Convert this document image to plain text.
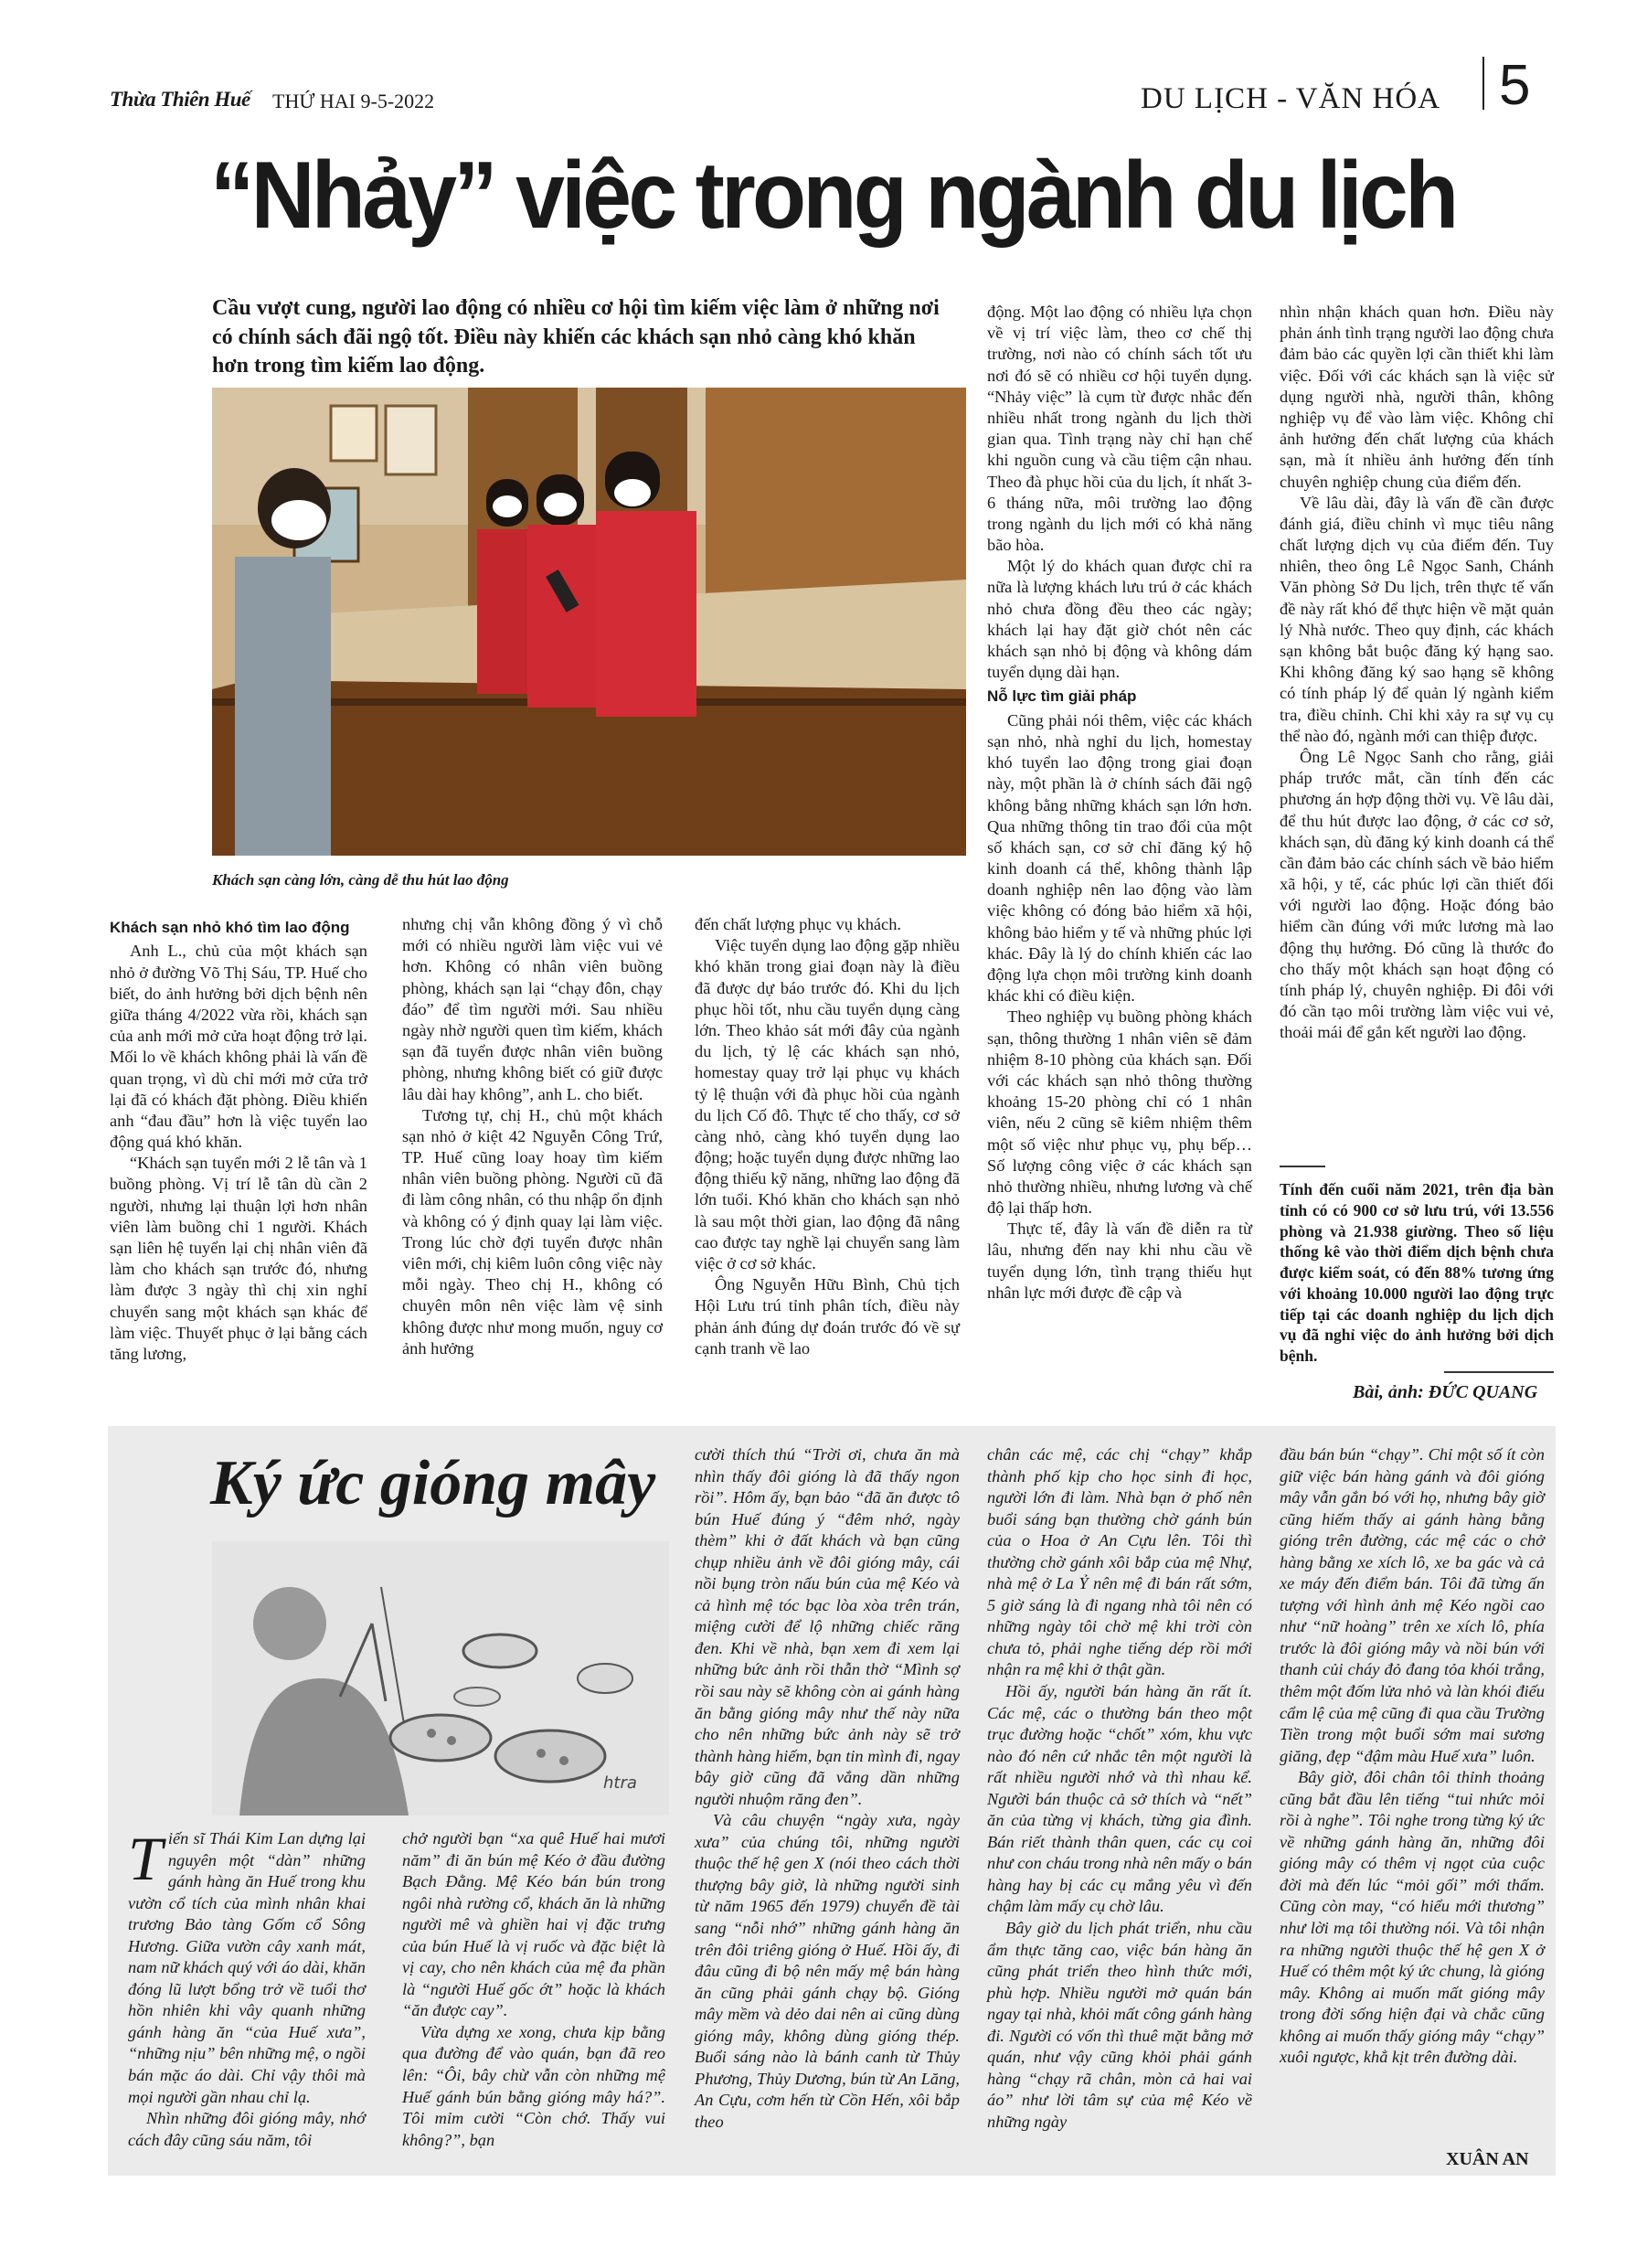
Thừa Thiên Huế THỨ HAI 9-5-2022	DU LỊCH - VĂN HÓA 5
“Nhảy” việc trong ngành du lịch
Cầu vượt cung, người lao động có nhiều cơ hội tìm kiếm việc làm ở những nơi có chính sách đãi ngộ tốt. Điều này khiến các khách sạn nhỏ càng khó khăn hơn trong tìm kiếm lao động.
Khách sạn càng lớn, càng dễ thu hút lao động
Khách sạn nhỏ khó tìm lao động

Anh L., chủ của một khách sạn nhỏ ở đường Võ Thị Sáu, TP. Huế cho biết, do ảnh hưởng bởi dịch bệnh nên giữa tháng 4/2022 vừa rồi, khách sạn của anh mới mở cửa hoạt động trở lại. Mối lo về khách không phải là vấn đề quan trọng, vì dù chỉ mới mở cửa trở lại đã có khách đặt phòng. Điều khiến anh “đau đầu” hơn là việc tuyển lao động quá khó khăn.

“Khách sạn tuyển mới 2 lễ tân và 1 buồng phòng. Vị trí lễ tân dù cần 2 người, nhưng lại thuận lợi hơn nhân viên làm buồng chỉ 1 người. Khách sạn liên hệ tuyển lại chị nhân viên đã làm cho khách sạn trước đó, nhưng làm được 3 ngày thì chị xin nghỉ chuyển sang một khách sạn khác để làm việc. Thuyết phục ở lại bằng cách tăng lương,

nhưng chị vẫn không đồng ý vì chỗ mới có nhiều người làm việc vui vẻ hơn. Không có nhân viên buồng phòng, khách sạn lại “chạy đôn, chạy đáo” để tìm người mới. Sau nhiều ngày nhờ người quen tìm kiếm, khách sạn đã tuyển được nhân viên buồng phòng, nhưng không biết có giữ được lâu dài hay không”, anh L. cho biết.

Tương tự, chị H., chủ một khách sạn nhỏ ở kiệt 42 Nguyễn Công Trứ, TP. Huế cũng loay hoay tìm kiếm nhân viên buồng phòng. Người cũ đã đi làm công nhân, có thu nhập ổn định và không có ý định quay lại làm việc. Trong lúc chờ đợi tuyển được nhân viên mới, chị kiêm luôn công việc này mỗi ngày. Theo chị H., không có chuyên môn nên việc làm vệ sinh không được như mong muốn, nguy cơ ảnh hưởng

đến chất lượng phục vụ khách.

Việc tuyển dụng lao động gặp nhiều khó khăn trong giai đoạn này là điều đã được dự báo trước đó. Khi du lịch phục hồi tốt, nhu cầu tuyển dụng càng lớn. Theo khảo sát mới đây của ngành du lịch, tỷ lệ các khách sạn nhỏ, homestay quay trở lại phục vụ khách tỷ lệ thuận với đà phục hồi của ngành du lịch Cố đô. Thực tế cho thấy, cơ sở càng nhỏ, càng khó tuyển dụng lao động; hoặc tuyển dụng được những lao động thiếu kỹ năng, những lao động đã lớn tuổi. Khó khăn cho khách sạn nhỏ là sau một thời gian, lao động đã nâng cao được tay nghề lại chuyển sang làm việc ở cơ sở khác.

Ông Nguyễn Hữu Bình, Chủ tịch Hội Lưu trú tỉnh phân tích, điều này phản ánh đúng dự đoán trước đó về sự cạnh tranh về lao

động. Một lao động có nhiều lựa chọn về vị trí việc làm, theo cơ chế thị trường, nơi nào có chính sách tốt ưu nơi đó sẽ có nhiều cơ hội tuyển dụng. “Nhảy việc” là cụm từ được nhắc đến nhiều nhất trong ngành du lịch thời gian qua. Tình trạng này chỉ hạn chế khi nguồn cung và cầu tiệm cận nhau. Theo đà phục hồi của du lịch, ít nhất 3-6 tháng nữa, môi trường lao động trong ngành du lịch mới có khả năng bão hòa.

Một lý do khách quan được chỉ ra nữa là lượng khách lưu trú ở các khách nhỏ chưa đồng đều theo các ngày; khách lại hay đặt giờ chót nên các khách sạn nhỏ bị động và không dám tuyển dụng dài hạn.

Nỗ lực tìm giải pháp

Cũng phải nói thêm, việc các khách sạn nhỏ, nhà nghỉ du lịch, homestay khó tuyển lao động trong giai đoạn này, một phần là ở chính sách đãi ngộ không bằng những khách sạn lớn hơn. Qua những thông tin trao đổi của một số khách sạn, cơ sở chỉ đăng ký hộ kinh doanh cá thể, không thành lập doanh nghiệp nên lao động vào làm việc không có đóng bảo hiểm xã hội, không bảo hiểm y tế và những phúc lợi khác. Đây là lý do chính khiến các lao động lựa chọn môi trường kinh doanh khác khi có điều kiện.

Theo nghiệp vụ buồng phòng khách sạn, thông thường 1 nhân viên sẽ đảm nhiệm 8-10 phòng của khách sạn. Đối với các khách sạn nhỏ thông thường khoảng 15-20 phòng chỉ có 1 nhân viên, nếu 2 cũng sẽ kiêm nhiệm thêm một số việc như phục vụ, phụ bếp… Số lượng công việc ở các khách sạn nhỏ thường nhiều, nhưng lương và chế độ lại thấp hơn.

Thực tế, đây là vấn đề diễn ra từ lâu, nhưng đến nay khi nhu cầu về tuyển dụng lớn, tình trạng thiếu hụt nhân lực mới được đề cập và

nhìn nhận khách quan hơn. Điều này phản ánh tình trạng người lao động chưa đảm bảo các quyền lợi cần thiết khi làm việc. Đối với các khách sạn là việc sử dụng người nhà, người thân, không nghiệp vụ để vào làm việc. Không chỉ ảnh hưởng đến chất lượng của khách sạn, mà ít nhiều ảnh hưởng đến tính chuyên nghiệp chung của điểm đến.

Về lâu dài, đây là vấn đề cần được đánh giá, điều chỉnh vì mục tiêu nâng chất lượng dịch vụ của điểm đến. Tuy nhiên, theo ông Lê Ngọc Sanh, Chánh Văn phòng Sở Du lịch, trên thực tế vấn đề này rất khó để thực hiện về mặt quản lý Nhà nước. Theo quy định, các khách sạn không bắt buộc đăng ký hạng sao. Khi không đăng ký sao hạng sẽ không có tính pháp lý để quản lý ngành kiểm tra, điều chỉnh. Chỉ khi xảy ra sự vụ cụ thể nào đó, ngành mới can thiệp được.

Ông Lê Ngọc Sanh cho rằng, giải pháp trước mắt, cần tính đến các phương án hợp động thời vụ. Về lâu dài, để thu hút được lao động, ở các cơ sở, khách sạn, dù đăng ký kinh doanh cá thể cần đảm bảo các chính sách về bảo hiểm xã hội, y tế, các phúc lợi cần thiết đối với người lao động. Hoặc đóng bảo hiểm cần đúng với mức lương mà lao động thụ hưởng. Đó cũng là thước đo cho thấy một khách sạn hoạt động có tính pháp lý, chuyên nghiệp. Đi đôi với đó cần tạo môi trường làm việc vui vẻ, thoải mái để gắn kết người lao động.

Tính đến cuối năm 2021, trên địa bàn tỉnh có có 900 cơ sở lưu trú, với 13.556 phòng và 21.938 giường. Theo số liệu thống kê vào thời điểm dịch bệnh chưa được kiểm soát, có đến 88% tương ứng với khoảng 10.000 người lao động trực tiếp tại các doanh nghiệp du lịch dịch vụ đã nghỉ việc do ảnh hưởng bởi dịch bệnh.
Bài, ảnh: ĐỨC QUANG
Ký ức gióng mây
htra

Tiến sĩ Thái Kim Lan dựng lại nguyên một “dàn” những gánh hàng ăn Huế trong khu vườn cổ tích của mình nhân khai trương Bảo tàng Gốm cổ Sông Hương. Giữa vườn cây xanh mát, nam nữ khách quý với áo dài, khăn đóng lũ lượt bổng trở về tuổi thơ hồn nhiên khi vây quanh những gánh hàng ăn “của Huế xưa”, “những nịu” bên những mệ, o ngồi bán mặc áo dài. Chỉ vậy thôi mà mọi người gần nhau chỉ lạ.

Nhìn những đôi gióng mây, nhớ cách đây cũng sáu năm, tôi

chở người bạn “xa quê Huế hai mươi năm” đi ăn bún mệ Kéo ở đầu đường Bạch Đằng. Mệ Kéo bán bún trong ngôi nhà rường cổ, khách ăn là những người mê và ghiền hai vị đặc trưng của bún Huế là vị ruốc và đặc biệt là vị cay, cho nên khách của mệ đa phần là “người Huế gốc ớt” hoặc là khách “ăn được cay”.

Vừa dựng xe xong, chưa kịp bằng qua đường để vào quán, bạn đã reo lên: “Ôi, bây chừ vẫn còn những mệ Huế gánh bún bằng gióng mây há?”. Tôi mỉm cười “Còn chớ. Thấy vui không?”, bạn

cười thích thú “Trời ơi, chưa ăn mà nhìn thấy đôi gióng là đã thấy ngon rồi”. Hôm ấy, bạn bảo “đã ăn được tô bún Huế đúng ý “đêm nhớ, ngày thèm” khi ở đất khách và bạn cũng chụp nhiều ảnh về đôi gióng mây, cái nồi bụng tròn nấu bún của mệ Kéo và cả hình mệ tóc bạc lòa xòa trên trán, miệng cười để lộ những chiếc răng đen. Khi về nhà, bạn xem đi xem lại những bức ảnh rồi thẫn thờ “Mình sợ rồi sau này sẽ không còn ai gánh hàng ăn bằng gióng mây như thế này nữa cho nên những bức ảnh này sẽ trở thành hàng hiếm, bạn tin mình đi, ngay bây giờ cũng đã vắng dần những người nhuộm răng đen”.

Và câu chuyện “ngày xưa, ngày xưa” của chúng tôi, những người thuộc thế hệ gen X (nói theo cách thời thượng bây giờ, là những người sinh từ năm 1965 đến 1979) chuyển đề tài sang “nỗi nhớ” những gánh hàng ăn trên đôi triêng gióng ở Huế. Hồi ấy, đi đâu cũng đi bộ nên mấy mệ bán hàng ăn cũng phải gánh chạy bộ. Gióng mây mềm và dẻo dai nên ai cũng dùng gióng mây, không dùng gióng thép. Buổi sáng nào là bánh canh từ Thủy Phương, Thủy Dương, bún từ An Lăng, An Cựu, cơm hến từ Cồn Hến, xôi bắp theo

chân các mệ, các chị “chạy” khắp thành phố kịp cho học sinh đi học, người lớn đi làm. Nhà bạn ở phố nên buổi sáng bạn thường chờ gánh bún của o Hoa ở An Cựu lên. Tôi thì thường chờ gánh xôi bắp của mệ Nhự, nhà mệ ở La Ỷ nên mệ đi bán rất sớm, 5 giờ sáng là đi ngang nhà tôi nên có những ngày tôi chờ mệ khi trời còn chưa tỏ, phải nghe tiếng dép rồi mới nhận ra mệ khi ở thật gần.

Hồi ấy, người bán hàng ăn rất ít. Các mệ, các o thường bán theo một trục đường hoặc “chốt” xóm, khu vực nào đó nên cứ nhắc tên một người là rất nhiều người nhớ và thì nhau kể. Người bán thuộc cả sở thích và “nết” ăn của từng vị khách, từng gia đình. Bán riết thành thân quen, các cụ coi như con cháu trong nhà nên mấy o bán hàng hay bị các cụ mắng yêu vì đến chậm làm mấy cụ chờ lâu.

Bây giờ du lịch phát triển, nhu cầu ẩm thực tăng cao, việc bán hàng ăn cũng phát triển theo hình thức mới, phù hợp. Nhiều người mở quán bán ngay tại nhà, khỏi mất công gánh hàng đi. Người có vốn thì thuê mặt bằng mở quán, như vậy cũng khỏi phải gánh hàng “chạy rã chân, mòn cả hai vai áo” như lời tâm sự của mệ Kéo về những ngày

đầu bán bún “chạy”. Chỉ một số ít còn giữ việc bán hàng gánh và đôi gióng mây vẫn gắn bó với họ, nhưng bây giờ cũng hiếm thấy ai gánh hàng bằng gióng trên đường, các mệ các o chở hàng bằng xe xích lô, xe ba gác và cả xe máy đến điểm bán. Tôi đã từng ấn tượng với hình ảnh mệ Kéo ngồi cao như “nữ hoàng” trên xe xích lô, phía trước là đôi gióng mây và nồi bún với thanh củi cháy đỏ đang tỏa khói trắng, thêm một đốm lửa nhỏ và làn khói điếu cẩm lệ của mệ cũng đi qua cầu Trường Tiền trong một buổi sớm mai sương giăng, đẹp “đậm màu Huế xưa” luôn.

Bây giờ, đôi chân tôi thỉnh thoảng cũng bắt đầu lên tiếng “tui nhức mỏi rồi à nghe”. Tôi nghe trong từng ký ức về những gánh hàng ăn, những đôi gióng mây có thêm vị ngọt của cuộc đời mà đến lúc “mỏi gối” mới thấm. Cũng còn may, “có hiểu mới thương” như lời mạ tôi thường nói. Và tôi nhận ra những người thuộc thế hệ gen X ở Huế có thêm một ký ức chung, là gióng mây. Không ai muốn mất gióng mây trong đời sống hiện đại và chắc cũng không ai muốn thấy gióng mây “chạy” xuôi ngược, khẳ kịt trên đường dài.

XUÂN AN
